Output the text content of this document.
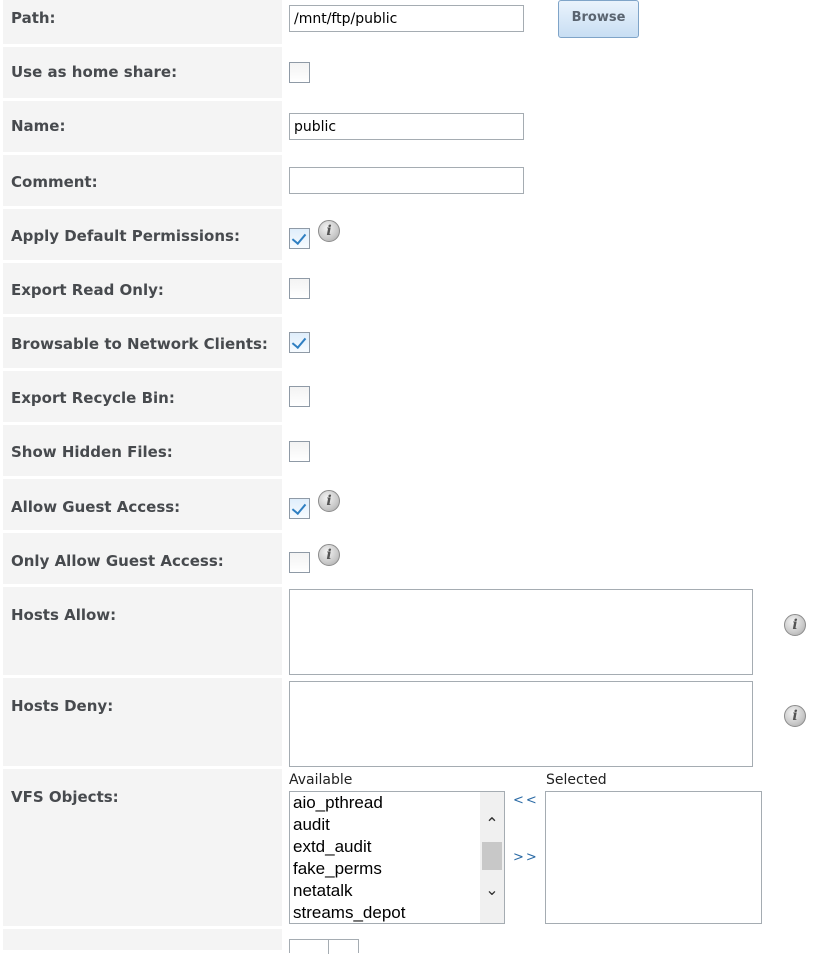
Path:
/mnt/ftp/public	Browse
Use as home share:
Name:
public
Comment:
Apply Default Permissions:	i
Export Read Only:
Browsable to Network Clients:
Export Recycle Bin:
Show Hidden Files:
Allow Guest Access:	i
Only Allow Guest Access:	i
Hosts Allow:
i
Hosts Deny:
i
VFS Objects:
Available	Selected
aio_pthread
audit
extd_audit
fake_perms
netatalk
streams_depot
⌃
⌄
<<
>>
